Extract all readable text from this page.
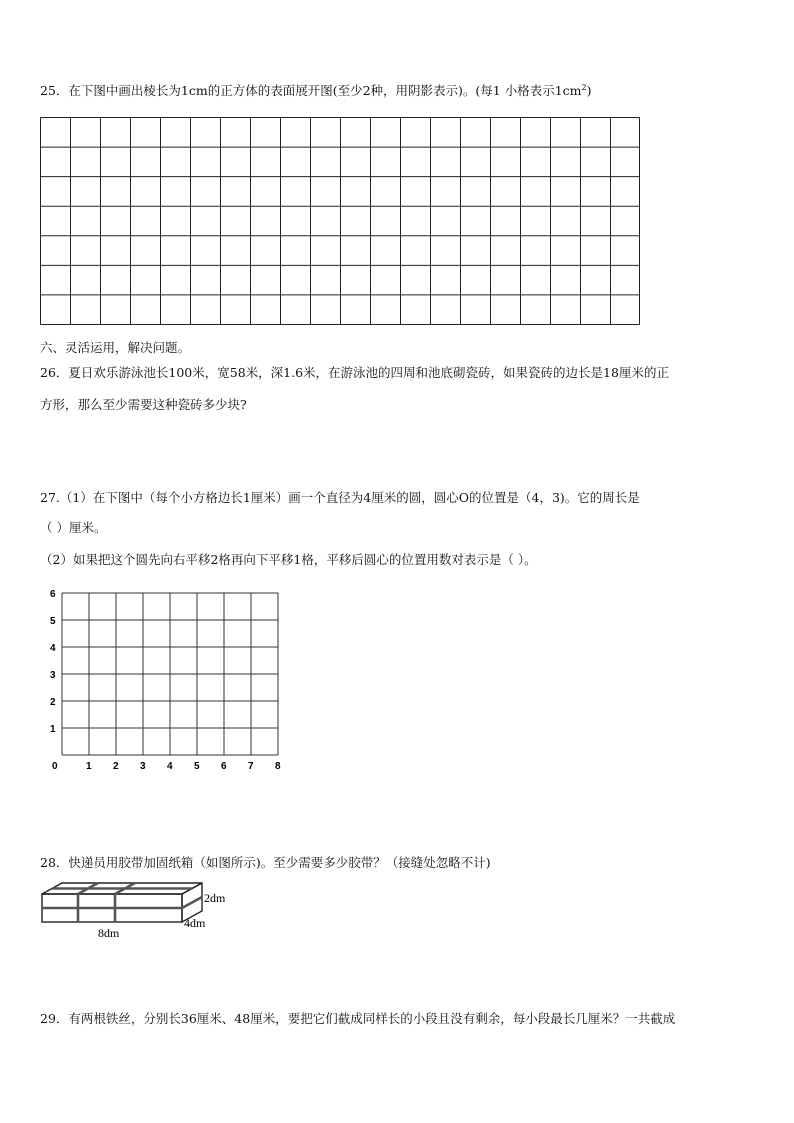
25．在下图中画出棱长为1cm的正方体的表面展开图(至少2种，用阴影表示)。(每1 小格表示$1cm^2$)
六、灵活运用，解决问题。
26．夏日欢乐游泳池长100米，宽58米，深1.6米，在游泳池的四周和池底砌瓷砖，如果瓷砖的边长是18厘米的正
方形，那么至少需要这种瓷砖多少块?
27.（1）在下图中（每个小方格边长1厘米）画一个直径为4厘米的圆，圆心O的位置是（4，3)。它的周长是
（ ）厘米。
（2）如果把这个圆先向右平移2格再向下平移1格，平移后圆心的位置用数对表示是（ ）。
6
5
4
3
2
1
0	1 2 3 4 5 6 7 8
28．快递员用胶带加固纸箱（如图所示)。至少需要多少胶带？（接缝处忽略不计)
2dm
4dm
8dm
29．有两根铁丝，分别长36厘米、48厘米，要把它们截成同样长的小段且没有剩余，每小段最长几厘米？一共截成
